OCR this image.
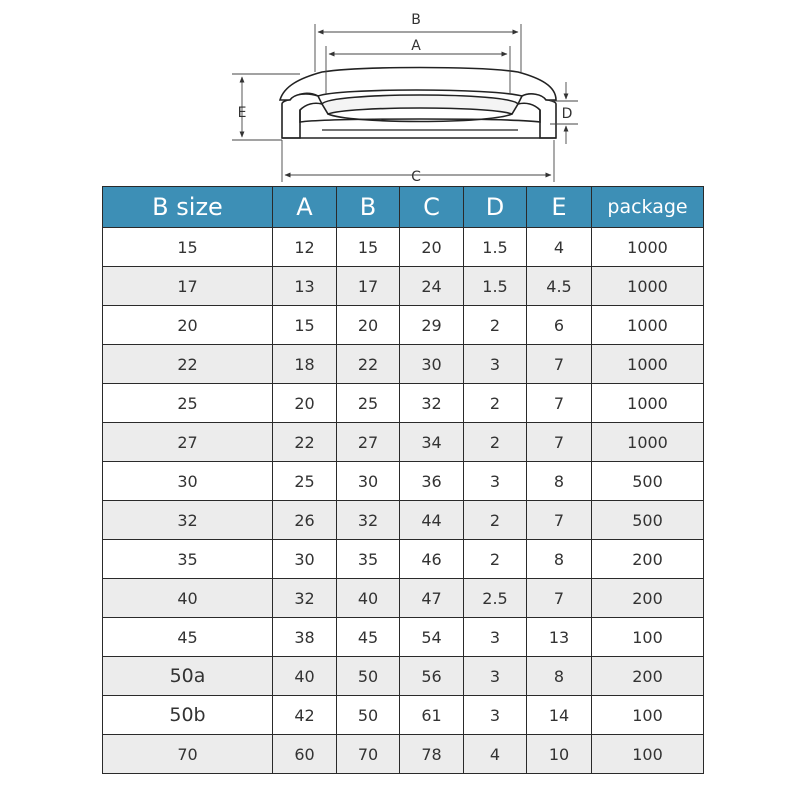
B
A
C
E	D
B size	A	B	C	D	E	package
15	12	15	20	1.5	4	1000
17	13	17	24	1.5	4.5	1000
20	15	20	29	2	6	1000
22	18	22	30	3	7	1000
25	20	25	32	2	7	1000
27	22	27	34	2	7	1000
30	25	30	36	3	8	500
32	26	32	44	2	7	500
35	30	35	46	2	8	200
40	32	40	47	2.5	7	200
45	38	45	54	3	13	100
50a	40	50	56	3	8	200
50b	42	50	61	3	14	100
70	60	70	78	4	10	100
